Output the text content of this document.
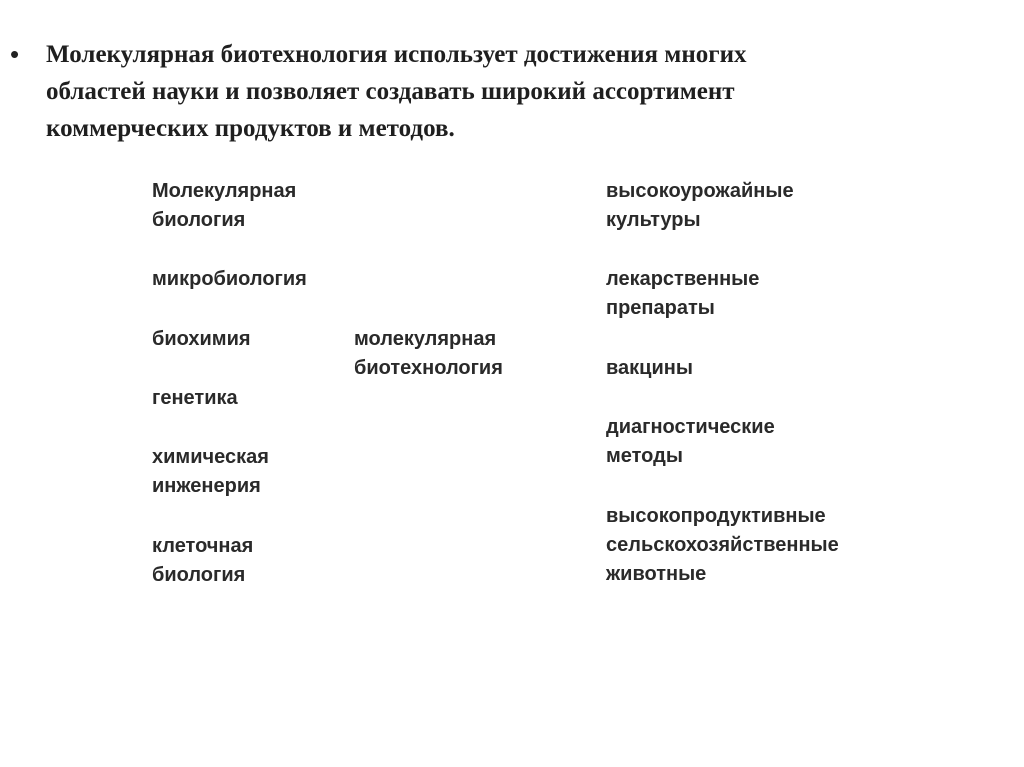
• Молекулярная биотехнология использует достижения многих
областей науки и позволяет создавать широкий ассортимент
коммерческих продуктов и методов.
Молекулярная
биология
микробиология
биохимия
генетика
химическая
инженерия
клеточная
биология
молекулярная
биотехнология
высокоурожайные
культуры
лекарственные
препараты
вакцины
диагностические
методы
высокопродуктивные
сельскохозяйственные
животные
